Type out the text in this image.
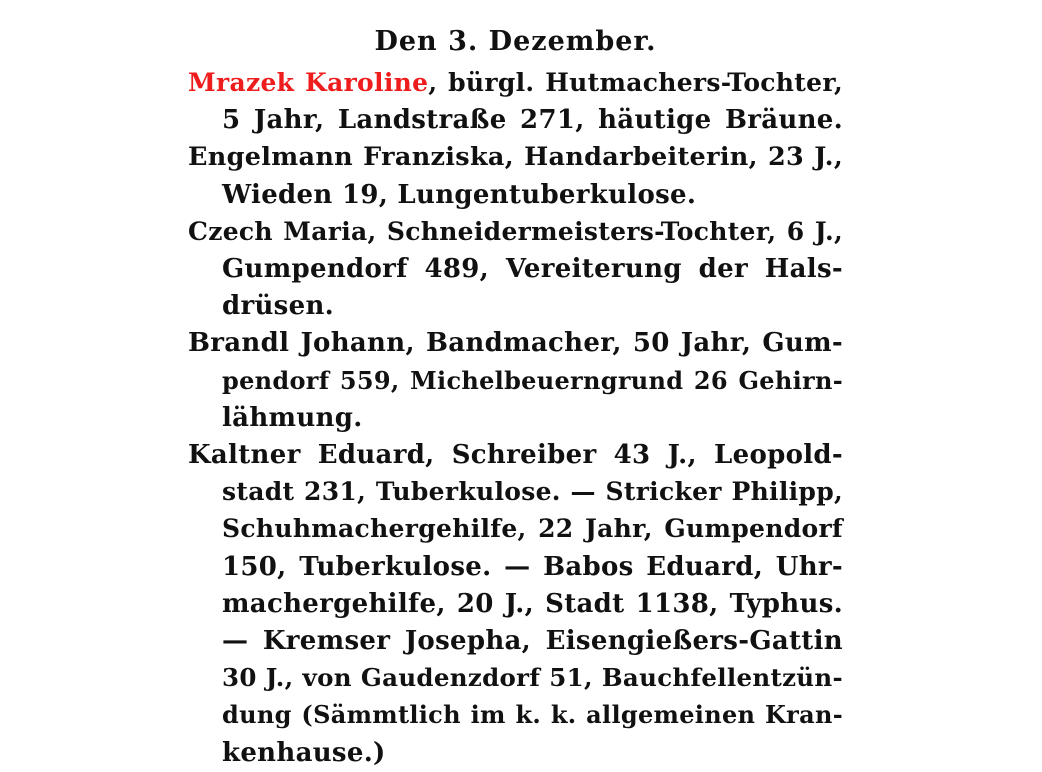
Den 3. Dezember.
Mrazek Karoline, bürgl. Hutmachers-Tochter,
5 Jahr, Landstraße 271, häutige Bräune.
Engelmann Franziska, Handarbeiterin, 23 J.,
Wieden 19, Lungentuberkulose.
Czech Maria, Schneidermeisters-Tochter, 6 J.,
Gumpendorf 489, Vereiterung der Hals-
drüsen.
Brandl Johann, Bandmacher, 50 Jahr, Gum-
pendorf 559, Michelbeuerngrund 26 Gehirn-
lähmung.
Kaltner Eduard, Schreiber 43 J., Leopold-
stadt 231, Tuberkulose. — Stricker Philipp,
Schuhmachergehilfe, 22 Jahr, Gumpendorf
150, Tuberkulose. — Babos Eduard, Uhr-
machergehilfe, 20 J., Stadt 1138, Typhus.
— Kremser Josepha, Eisengießers-Gattin
30 J., von Gaudenzdorf 51, Bauchfellentzün-
dung (Sämmtlich im k. k. allgemeinen Kran-
kenhause.)
